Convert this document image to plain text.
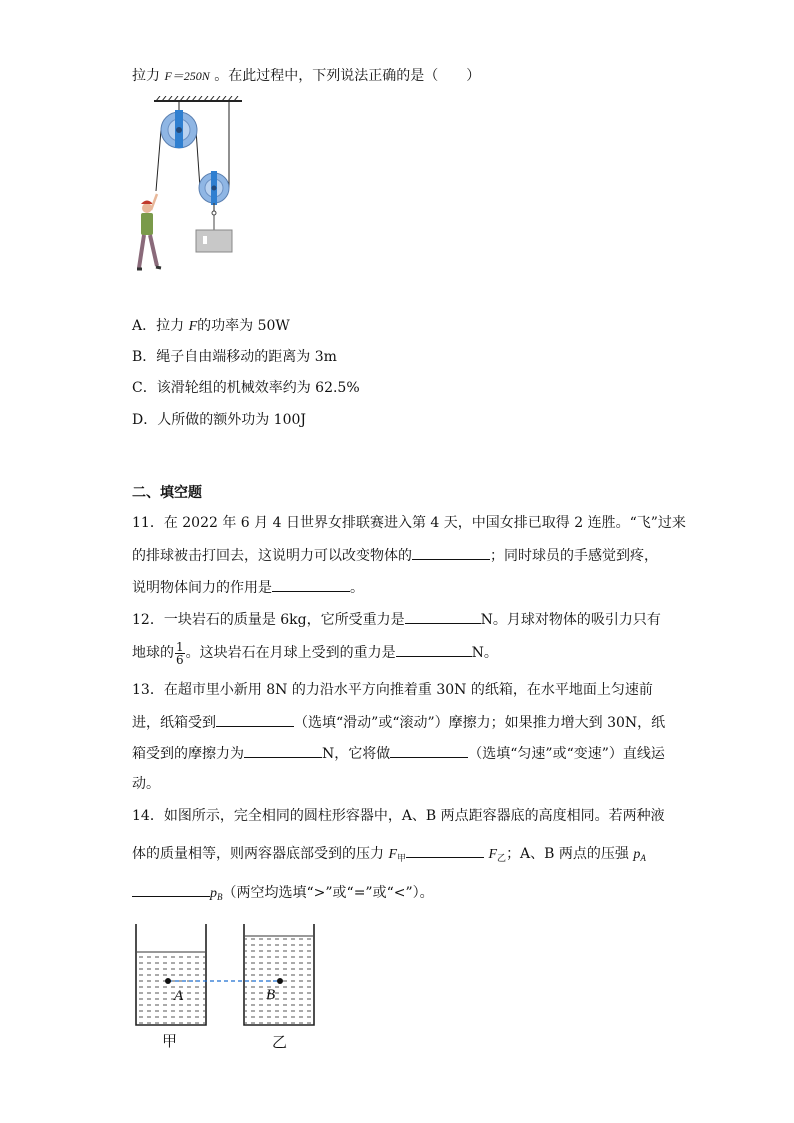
拉力 F＝250N 。在此过程中，下列说法正确的是（　　）
A．拉力 F的功率为 50W
B．绳子自由端移动的距离为 3m
C．该滑轮组的机械效率约为 62.5%
D．人所做的额外功为 100J
二、填空题
11．在 2022 年 6 月 4 日世界女排联赛进入第 4 天，中国女排已取得 2 连胜。“飞”过来
的排球被击打回去，这说明力可以改变物体的	；同时球员的手感觉到疼，
说明物体间力的作用是	。
12．一块岩石的质量是 6kg，它所受重力是	N。月球对物体的吸引力只有
地球的 $\frac{1}{6}$ 。这块岩石在月球上受到的重力是	N。
13．在超市里小新用 8N 的力沿水平方向推着重 30N 的纸箱，在水平地面上匀速前
进，纸箱受到	（选填“滑动”或“滚动”）摩擦力；如果推力增大到 30N，纸
箱受到的摩擦力为	N，它将做	（选填“匀速”或“变速”）直线运
动。
14．如图所示，完全相同的圆柱形容器中，A、B 两点距容器底的高度相同。若两种液
体的质量相等，则两容器底部受到的压力 $F_甲$	$F_乙$；A、B 两点的压强 $p_A$
$p_B$（两空均选填“>”或“=”或“<”）。
A	B
甲	乙
